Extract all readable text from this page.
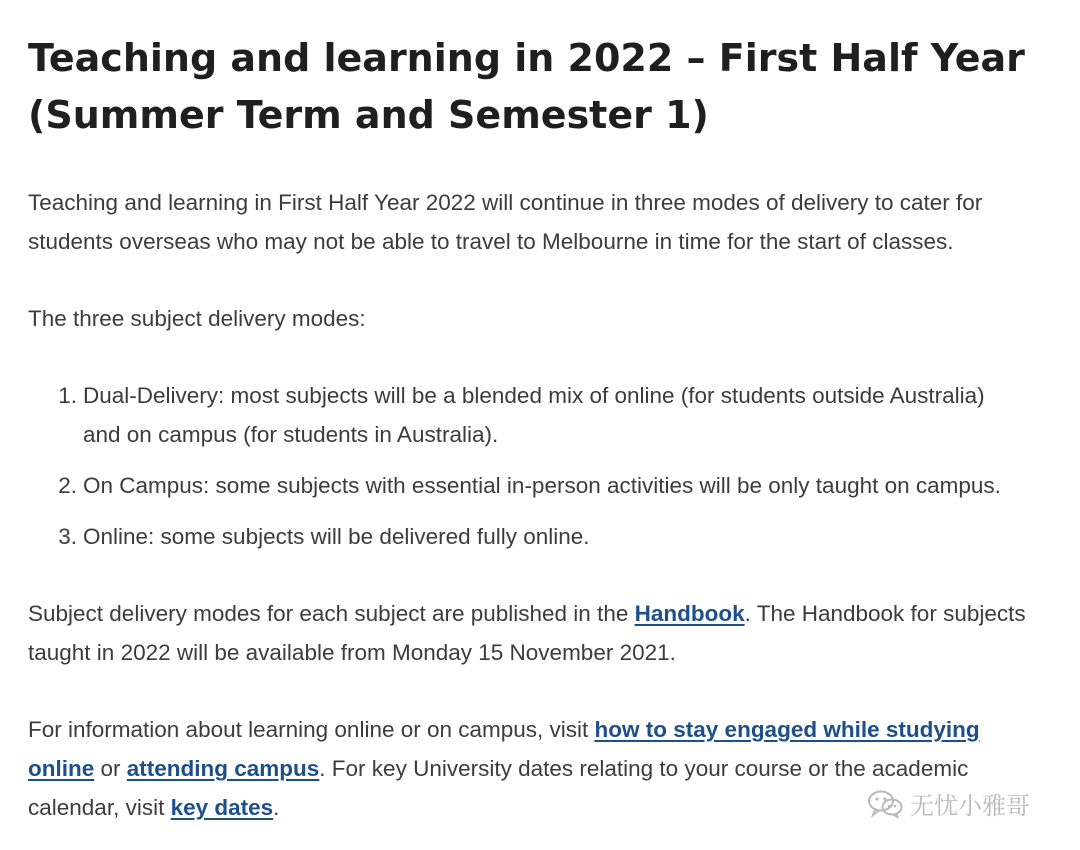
Teaching and learning in 2022 – First Half Year
(Summer Term and Semester 1)

Teaching and learning in First Half Year 2022 will continue in three modes of delivery to cater for
students overseas who may not be able to travel to Melbourne in time for the start of classes.

The three subject delivery modes:

1. Dual-Delivery: most subjects will be a blended mix of online (for students outside Australia)
and on campus (for students in Australia).
2. On Campus: some subjects with essential in-person activities will be only taught on campus.
3. Online: some subjects will be delivered fully online.

Subject delivery modes for each subject are published in the Handbook. The Handbook for subjects
taught in 2022 will be available from Monday 15 November 2021.

For information about learning online or on campus, visit how to stay engaged while studying
online or attending campus. For key University dates relating to your course or the academic
calendar, visit key dates.	无忧小雅哥
